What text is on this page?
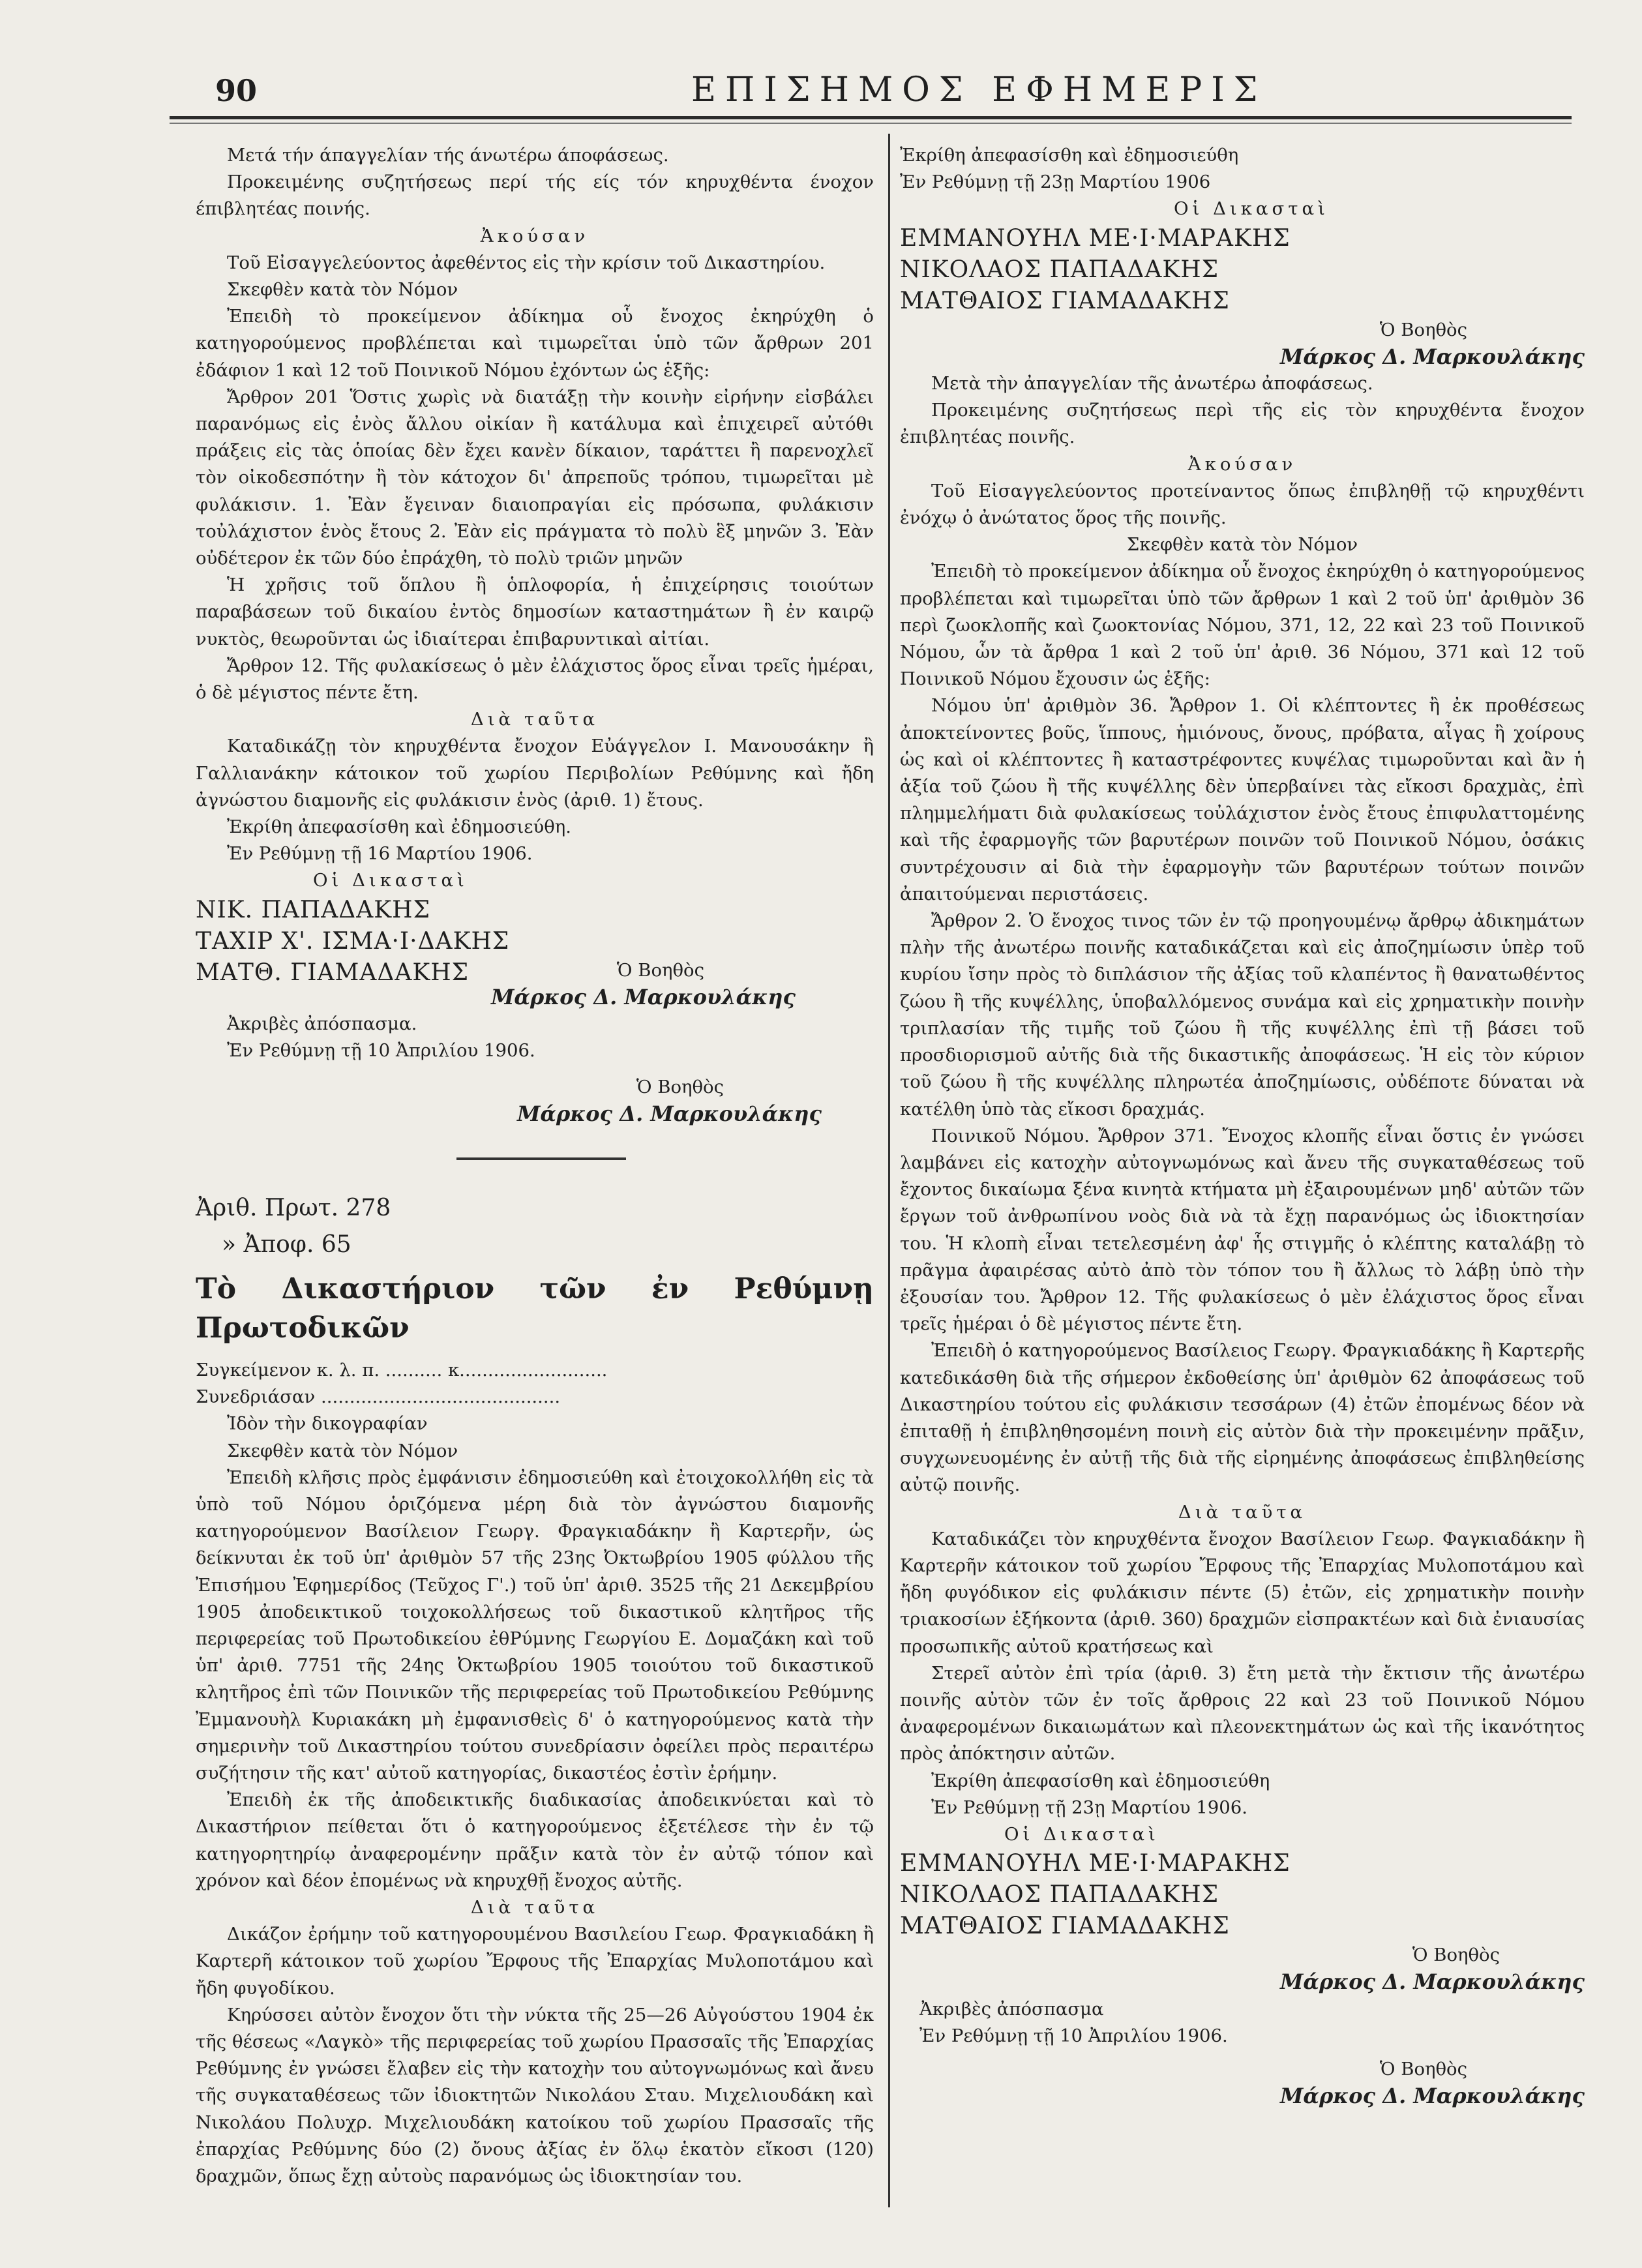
90	ΕΠΙΣΗΜΟΣ ΕΦΗΜΕΡΙΣ

Μετά τήν άπαγγελίαν τής άνωτέρω άποφάσεως.

Προκειμένης συζητήσεως περί τής είς τόν κηρυχθέντα ένοχον έπιβλητέας ποινής.

Ἀκούσαν

Τοῦ Εἰσαγγελεύοντος ἀφεθέντος εἰς τὴν κρίσιν τοῦ Δικαστηρίου.

Σκεφθὲν κατὰ τὸν Νόμον

Ἐπειδὴ τὸ προκείμενον ἀδίκημα οὗ ἔνοχος ἐκηρύχθη ὁ κατηγορούμενος προβλέπεται καὶ τιμωρεῖται ὑπὸ τῶν ἄρθρων 201 ἐδάφιον 1 καὶ 12 τοῦ Ποινικοῦ Νόμου ἐχόντων ὡς ἑξῆς:

Ἄρθρον 201 Ὅστις χωρὶς νὰ διατάξῃ τὴν κοινὴν εἰρήνην εἰσβάλει παρανόμως εἰς ἐνὸς ἄλλου οἰκίαν ἢ κατάλυμα καὶ ἐπιχειρεῖ αὐτόθι πράξεις εἰς τὰς ὁποίας δὲν ἔχει κανὲν δίκαιον, ταράττει ἢ παρενοχλεῖ τὸν οἰκοδεσπότην ἢ τὸν κάτοχον δι' ἀπρεποῦς τρόπου, τιμωρεῖται μὲ φυλάκισιν. 1. Ἐὰν ἔγειναν διαιοπραγίαι εἰς πρόσωπα, φυλάκισιν τοὐλάχιστον ἑνὸς ἔτους 2. Ἐὰν εἰς πράγματα τὸ πολὺ ἓξ μηνῶν 3. Ἐὰν οὐδέτερον ἐκ τῶν δύο ἐπράχθη, τὸ πολὺ τριῶν μηνῶν

Ἡ χρῆσις τοῦ ὅπλου ἢ ὁπλοφορία, ἡ ἐπιχείρησις τοιούτων παραβάσεων τοῦ δικαίου ἐντὸς δημοσίων καταστημάτων ἢ ἐν καιρῷ νυκτὸς, θεωροῦνται ὡς ἰδιαίτεραι ἐπιβαρυντικαὶ αἰτίαι.

Ἄρθρον 12. Τῆς φυλακίσεως ὁ μὲν ἐλάχιστος ὅρος εἶναι τρεῖς ἡμέραι, ὁ δὲ μέγιστος πέντε ἔτη.

Διὰ ταῦτα

Καταδικάζῃ τὸν κηρυχθέντα ἔνοχον Εὐάγγελον Ι. Μανουσάκην ἢ Γαλλιανάκην κάτοικον τοῦ χωρίου Περιβολίων Ρεθύμνης καὶ ἤδη ἀγνώστου διαμονῆς εἰς φυλάκισιν ἑνὸς (ἀριθ. 1) ἔτους.

Ἐκρίθη ἀπεφασίσθη καὶ ἐδημοσιεύθη.

Ἐν Ρεθύμνῃ τῇ 16 Μαρτίου 1906.

Οἱ Δικασταὶ

ΝΙΚ. ΠΑΠΑΔΑΚΗΣ

ΤΑΧΙΡ Χ'. ΙΣΜΑ·Ι·ΔΑΚΗΣ

ΜΑΤΘ. ΓΙΑΜΑΔΑΚΗΣ	Ὁ Βοηθὸς

Μάρκος Δ. Μαρκουλάκης

Ἀκριβὲς ἀπόσπασμα.

Ἐν Ρεθύμνῃ τῇ 10 Ἀπριλίου 1906.

Ὁ Βοηθὸς

Μάρκος Δ. Μαρκουλάκης

Ἀριθ. Πρωτ. 278

» Ἀποφ. 65

Τὸ Δικαστήριον τῶν ἐν Ρεθύμνῃ Πρωτοδικῶν

Συγκείμενον κ. λ. π. .......... κ..........................

Συνεδριάσαν ..........................................

Ἰδὸν τὴν δικογραφίαν

Σκεφθὲν κατὰ τὸν Νόμον

Ἐπειδὴ κλῆσις πρὸς ἐμφάνισιν ἐδημοσιεύθη καὶ ἐτοιχοκολλήθη εἰς τὰ ὑπὸ τοῦ Νόμου ὁριζόμενα μέρη διὰ τὸν ἀγνώστου διαμονῆς κατηγορούμενον Βασίλειον Γεωργ. Φραγκιαδάκην ἢ Καρτερῆν, ὡς δείκνυται ἐκ τοῦ ὑπ' ἀριθμὸν 57 τῆς 23ης Ὀκτωβρίου 1905 φύλλου τῆς Ἐπισήμου Ἐφημερίδος (Τεῦχος Γ'.) τοῦ ὑπ' ἀριθ. 3525 τῆς 21 Δεκεμβρίου 1905 ἀποδεικτικοῦ τοιχοκολλήσεως τοῦ δικαστικοῦ κλητῆρος τῆς περιφερείας τοῦ Πρωτοδικείου ἐθΡύμνης Γεωργίου Ε. Δομαζάκη καὶ τοῦ ὑπ' ἀριθ. 7751 τῆς 24ης Ὀκτωβρίου 1905 τοιούτου τοῦ δικαστικοῦ κλητῆρος ἐπὶ τῶν Ποινικῶν τῆς περιφερείας τοῦ Πρωτοδικείου Ρεθύμνης Ἐμμανουὴλ Κυριακάκη μὴ ἐμφανισθεὶς δ' ὁ κατηγορούμενος κατὰ τὴν σημερινὴν τοῦ Δικαστηρίου τούτου συνεδρίασιν ὀφείλει πρὸς περαιτέρω συζήτησιν τῆς κατ' αὐτοῦ κατηγορίας, δικαστέος ἐστὶν ἐρήμην.

Ἐπειδὴ ἐκ τῆς ἀποδεικτικῆς διαδικασίας ἀποδεικνύεται καὶ τὸ Δικαστήριον πείθεται ὅτι ὁ κατηγορούμενος ἐξετέλεσε τὴν ἐν τῷ κατηγορητηρίῳ ἀναφερομένην πρᾶξιν κατὰ τὸν ἐν αὐτῷ τόπον καὶ χρόνον καὶ δέον ἐπομένως νὰ κηρυχθῇ ἔνοχος αὐτῆς.

Διὰ ταῦτα

Δικάζον ἐρήμην τοῦ κατηγορουμένου Βασιλείου Γεωρ. Φραγκιαδάκη ἢ Καρτερῆ κάτοικον τοῦ χωρίου Ἔρφους τῆς Ἐπαρχίας Μυλοποτάμου καὶ ἤδη φυγοδίκου.

Κηρύσσει αὐτὸν ἔνοχον ὅτι τὴν νύκτα τῆς 25—26 Αὐγούστου 1904 ἐκ τῆς θέσεως «Λαγκὸ» τῆς περιφερείας τοῦ χωρίου Πρασσαῖς τῆς Ἐπαρχίας Ρεθύμνης ἐν γνώσει ἔλαβεν εἰς τὴν κατοχὴν του αὐτογνωμόνως καὶ ἄνευ τῆς συγκαταθέσεως τῶν ἰδιοκτητῶν Νικολάου Σταυ. Μιχελιουδάκη καὶ Νικολάου Πολυχρ. Μιχελιουδάκη κατοίκου τοῦ χωρίου Πρασσαῖς τῆς ἐπαρχίας Ρεθύμνης δύο (2) ὄνους ἀξίας ἐν ὅλῳ ἑκατὸν εἴκοσι (120) δραχμῶν, ὅπως ἔχῃ αὐτοὺς παρανόμως ὡς ἰδιοκτησίαν του.

Ἐκρίθη ἀπεφασίσθη καὶ ἐδημοσιεύθη

Ἐν Ρεθύμνῃ τῇ 23ῃ Μαρτίου 1906

Οἱ Δικασταὶ

ΕΜΜΑΝΟΥΗΛ ΜΕ·Ι·ΜΑΡΑΚΗΣ

ΝΙΚΟΛΑΟΣ ΠΑΠΑΔΑΚΗΣ

ΜΑΤΘΑΙΟΣ ΓΙΑΜΑΔΑΚΗΣ

Ὁ Βοηθὸς

Μάρκος Δ. Μαρκουλάκης

Μετὰ τὴν ἀπαγγελίαν τῆς ἀνωτέρω ἀποφάσεως.

Προκειμένης συζητήσεως περὶ τῆς εἰς τὸν κηρυχθέντα ἔνοχον ἐπιβλητέας ποινῆς.

Ἀκούσαν

Τοῦ Εἰσαγγελεύοντος προτείναντος ὅπως ἐπιβληθῇ τῷ κηρυχθέντι ἐνόχῳ ὁ ἀνώτατος ὅρος τῆς ποινῆς.

Σκεφθὲν κατὰ τὸν Νόμον

Ἐπειδὴ τὸ προκείμενον ἀδίκημα οὗ ἔνοχος ἐκηρύχθη ὁ κατηγορούμενος προβλέπεται καὶ τιμωρεῖται ὑπὸ τῶν ἄρθρων 1 καὶ 2 τοῦ ὑπ' ἀριθμὸν 36 περὶ ζωοκλοπῆς καὶ ζωοκτονίας Νόμου, 371, 12, 22 καὶ 23 τοῦ Ποινικοῦ Νόμου, ὧν τὰ ἄρθρα 1 καὶ 2 τοῦ ὑπ' ἀριθ. 36 Νόμου, 371 καὶ 12 τοῦ Ποινικοῦ Νόμου ἔχουσιν ὡς ἑξῆς:

Νόμου ὑπ' ἀριθμὸν 36. Ἄρθρον 1. Οἱ κλέπτοντες ἢ ἐκ προθέσεως ἀποκτείνοντες βοῦς, ἵππους, ἡμιόνους, ὄνους, πρόβατα, αἶγας ἢ χοίρους ὡς καὶ οἱ κλέπτοντες ἢ καταστρέφοντες κυψέλας τιμωροῦνται καὶ ἂν ἡ ἀξία τοῦ ζώου ἢ τῆς κυψέλλης δὲν ὑπερβαίνει τὰς εἴκοσι δραχμὰς, ἐπὶ πλημμελήματι διὰ φυλακίσεως τοὐλάχιστον ἑνὸς ἔτους ἐπιφυλαττομένης καὶ τῆς ἐφαρμογῆς τῶν βαρυτέρων ποινῶν τοῦ Ποινικοῦ Νόμου, ὁσάκις συντρέχουσιν αἱ διὰ τὴν ἐφαρμογὴν τῶν βαρυτέρων τούτων ποινῶν ἀπαιτούμεναι περιστάσεις.

Ἄρθρον 2. Ὁ ἔνοχος τινος τῶν ἐν τῷ προηγουμένῳ ἄρθρῳ ἀδικημάτων πλὴν τῆς ἀνωτέρω ποινῆς καταδικάζεται καὶ εἰς ἀποζημίωσιν ὑπὲρ τοῦ κυρίου ἴσην πρὸς τὸ διπλάσιον τῆς ἀξίας τοῦ κλαπέντος ἢ θανατωθέντος ζώου ἢ τῆς κυψέλλης, ὑποβαλλόμενος συνάμα καὶ εἰς χρηματικὴν ποινὴν τριπλασίαν τῆς τιμῆς τοῦ ζώου ἢ τῆς κυψέλλης ἐπὶ τῇ βάσει τοῦ προσδιορισμοῦ αὐτῆς διὰ τῆς δικαστικῆς ἀποφάσεως. Ἡ εἰς τὸν κύριον τοῦ ζώου ἢ τῆς κυψέλλης πληρωτέα ἀποζημίωσις, οὐδέποτε δύναται νὰ κατέλθη ὑπὸ τὰς εἴκοσι δραχμάς.

Ποινικοῦ Νόμου. Ἄρθρον 371. Ἔνοχος κλοπῆς εἶναι ὅστις ἐν γνώσει λαμβάνει εἰς κατοχὴν αὐτογνωμόνως καὶ ἄνευ τῆς συγκαταθέσεως τοῦ ἔχοντος δικαίωμα ξένα κινητὰ κτήματα μὴ ἐξαιρουμένων μηδ' αὐτῶν τῶν ἔργων τοῦ ἀνθρωπίνου νοὸς διὰ νὰ τὰ ἔχῃ παρανόμως ὡς ἰδιοκτησίαν του. Ἡ κλοπὴ εἶναι τετελεσμένη ἀφ' ἧς στιγμῆς ὁ κλέπτης καταλάβῃ τὸ πρᾶγμα ἀφαιρέσας αὐτὸ ἀπὸ τὸν τόπον του ἢ ἄλλως τὸ λάβῃ ὑπὸ τὴν ἐξουσίαν του. Ἄρθρον 12. Τῆς φυλακίσεως ὁ μὲν ἐλάχιστος ὅρος εἶναι τρεῖς ἡμέραι ὁ δὲ μέγιστος πέντε ἔτη.

Ἐπειδὴ ὁ κατηγορούμενος Βασίλειος Γεωργ. Φραγκιαδάκης ἢ Καρτερῆς κατεδικάσθη διὰ τῆς σήμερον ἐκδοθείσης ὑπ' ἀριθμὸν 62 ἀποφάσεως τοῦ Δικαστηρίου τούτου εἰς φυλάκισιν τεσσάρων (4) ἐτῶν ἐπομένως δέον νὰ ἐπιταθῇ ἡ ἐπιβληθησομένη ποινὴ εἰς αὐτὸν διὰ τὴν προκειμένην πρᾶξιν, συγχωνευομένης ἐν αὐτῇ τῆς διὰ τῆς εἰρημένης ἀποφάσεως ἐπιβληθείσης αὐτῷ ποινῆς.

Διὰ ταῦτα

Καταδικάζει τὸν κηρυχθέντα ἔνοχον Βασίλειον Γεωρ. Φαγκιαδάκην ἢ Καρτερῆν κάτοικον τοῦ χωρίου Ἔρφους τῆς Ἐπαρχίας Μυλοποτάμου καὶ ἤδη φυγόδικον εἰς φυλάκισιν πέντε (5) ἐτῶν, εἰς χρηματικὴν ποινὴν τριακοσίων ἑξήκοντα (ἀριθ. 360) δραχμῶν εἰσπρακτέων καὶ διὰ ἐνιαυσίας προσωπικῆς αὐτοῦ κρατήσεως καὶ

Στερεῖ αὐτὸν ἐπὶ τρία (ἀριθ. 3) ἔτη μετὰ τὴν ἔκτισιν τῆς ἀνωτέρω ποινῆς αὐτὸν τῶν ἐν τοῖς ἄρθροις 22 καὶ 23 τοῦ Ποινικοῦ Νόμου ἀναφερομένων δικαιωμάτων καὶ πλεονεκτημάτων ὡς καὶ τῆς ἱκανότητος πρὸς ἀπόκτησιν αὐτῶν.

Ἐκρίθη ἀπεφασίσθη καὶ ἐδημοσιεύθη

Ἐν Ρεθύμνῃ τῇ 23ῃ Μαρτίου 1906.

Οἱ Δικασταὶ

ΕΜΜΑΝΟΥΗΛ ΜΕ·Ι·ΜΑΡΑΚΗΣ

ΝΙΚΟΛΑΟΣ ΠΑΠΑΔΑΚΗΣ

ΜΑΤΘΑΙΟΣ ΓΙΑΜΑΔΑΚΗΣ

Ὁ Βοηθὸς

Μάρκος Δ. Μαρκουλάκης

Ἀκριβὲς ἀπόσπασμα

Ἐν Ρεθύμνῃ τῇ 10 Ἀπριλίου 1906.

Ὁ Βοηθὸς

Μάρκος Δ. Μαρκουλάκης
